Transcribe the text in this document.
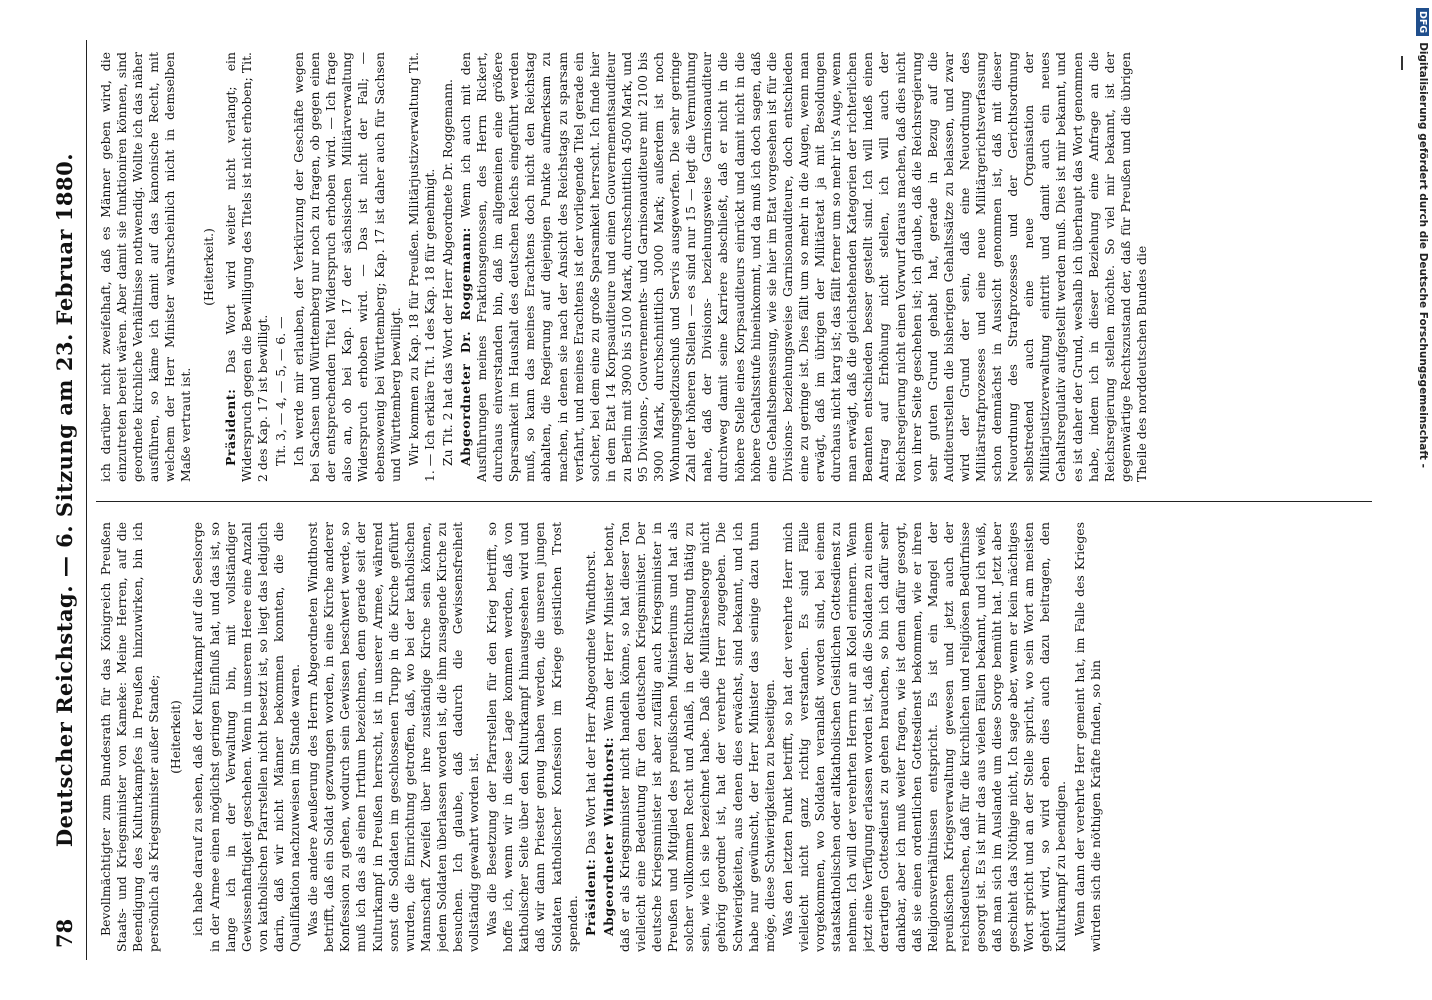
78
Deutscher Reichstag. — 6. Sitzung am 23. Februar 1880. Bevollmächtigter zum Bundesrath für das Königreich Preußen Staats- und Kriegsminister von Kameke: Meine Herren, auf die Beendigung des Kulturkampfes in Preußen hinzuwirken, bin ich persönlich als Kriegsminister außer Stande; (Heiterkeit) ich habe darauf zu sehen, daß der Kulturkampf auf die Seelsorge in der Armee einen möglichst geringen Einfluß hat, und das ist, so lange ich in der Verwaltung bin, mit vollständiger Gewissenhaftigkeit geschehen. Wenn in unserem Heere eine Anzahl von katholischen Pfarrstellen nicht besetzt ist, so liegt das lediglich darin, daß wir nicht Männer bekommen konnten, die die Qualifikation nachzuweisen im Stande waren. Was die andere Aeußerung des Herrn Abgeordneten Windthorst betrifft, daß ein Soldat gezwungen worden, in eine Kirche anderer Konfession zu gehen, wodurch sein Gewissen beschwert werde, so muß ich das als einen Irrthum bezeichnen, denn gerade seit der Kulturkampf in Preußen herrscht, ist in unserer Armee, während sonst die Soldaten im geschlossenen Trupp in die Kirche geführt wurden, die Einrichtung getroffen, daß, wo bei der katholischen Mannschaft Zweifel über ihre zuständige Kirche sein können, jedem Soldaten überlassen worden ist, die ihm zusagende Kirche zu besuchen. Ich glaube, daß dadurch die Gewissensfreiheit vollständig gewahrt worden ist. Was die Besetzung der Pfarrstellen für den Krieg betrifft, so hoffe ich, wenn wir in diese Lage kommen werden, daß von katholischer Seite über den Kulturkampf hinausgesehen wird und daß wir dann Priester genug haben werden, die unseren jungen Soldaten katholischer Konfession im Kriege geistlichen Trost spenden. Präsident: Das Wort hat der Herr Abgeordnete Windthorst. Abgeordneter Windthorst: Wenn der Herr Minister betont, daß er als Kriegsminister nicht handeln könne, so hat dieser Ton vielleicht eine Bedeutung für den deutschen Kriegsminister. Der deutsche Kriegsminister ist aber zufällig auch Kriegsminister in Preußen und Mitglied des preußischen Ministeriums und hat als solcher vollkommen Recht und Anlaß, in der Richtung thätig zu sein, wie ich sie bezeichnet habe. Daß die Militärseelsorge nicht gehörig geordnet ist, hat der verehrte Herr zugegeben. Die Schwierigkeiten, aus denen dies erwächst, sind bekannt, und ich habe nur gewünscht, der Herr Minister das seinige dazu thun möge, diese Schwierigkeiten zu beseitigen. Was den letzten Punkt betrifft, so hat der verehrte Herr mich vielleicht nicht ganz richtig verstanden. Es sind Fälle vorgekommen, wo Soldaten veranlaßt worden sind, bei einem staatskatholischen oder altkatholischen Geistlichen Gottesdienst zu nehmen. Ich will der verehrten Herrn nur an Kolel erinnern. Wenn jetzt eine Verfügung erlassen worden ist, daß die Soldaten zu einem derartigen Gottesdienst zu gehen brauchen, so bin ich dafür sehr dankbar, aber ich muß weiter fragen, wie ist denn dafür gesorgt, daß sie einen ordentlichen Gottesdienst bekommen, wie er ihren Religionsverhältnissen entspricht. Es ist ein Mangel der preußischen Kriegsverwaltung gewesen und jetzt auch der reichsdeutschen, daß für die kirchlichen und religiösen Bedürfnisse gesorgt ist. Es ist mir das aus vielen Fällen bekannt, und ich weiß, daß man sich im Auslande um diese Sorge bemüht hat. Jetzt aber geschieht das Nöthige nicht, Ich sage aber, wenn er kein mächtiges Wort spricht und an der Stelle spricht, wo sein Wort am meisten gehört wird, so wird eben dies auch dazu beitragen, den Kulturkampf zu beendigen. Wenn dann der verehrte Herr gemeint hat, im Falle des Krieges würden sich die nöthigen Kräfte finden, so bin

ich darüber nicht zweifelhaft, daß es Männer geben wird, die einzutreten bereit wären. Aber damit sie funktioniren können, sind geordnete kirchliche Verhältnisse nothwendig. Wollte ich das näher ausführen, so käme ich damit auf das kanonische Recht, mit welchem der Herr Minister wahrscheinlich nicht in demselben Maße vertraut ist.

(Heiterkeit.)

Präsident: Das Wort wird weiter nicht verlangt; ein Widerspruch gegen die Bewilligung des Titels ist nicht erhoben; Tit. 2 des Kap. 17 ist bewilligt. Tit. 3, — 4, — 5, — 6. — Ich werde mir erlauben, der Verkürzung der Geschäfte wegen bei Sachsen und Württemberg nur noch zu fragen, ob gegen einen der entsprechenden Titel Widerspruch erhoben wird. — Ich frage also an, ob bei Kap. 17 der sächsischen Militärverwaltung Widerspruch erhoben wird. — Das ist nicht der Fall; — ebensowenig bei Württemberg; Kap. 17 ist daher auch für Sachsen und Württemberg bewilligt. Wir kommen zu Kap. 18 für Preußen. Militärjustizverwaltung Tit. 1. — Ich erkläre Tit. 1 des Kap. 18 für genehmigt. Zu Tit. 2 hat das Wort der Herr Abgeordnete Dr. Roggemann. Abgeordneter Dr. Roggemann: Wenn ich auch mit den Ausführungen meines Fraktionsgenossen, des Herrn Rickert, durchaus einverstanden bin, daß im allgemeinen eine größere Sparsamkeit im Haushalt des deutschen Reichs eingeführt werden muß, so kann das meines Erachtens doch nicht den Reichstag abhalten, die Regierung auf diejenigen Punkte aufmerksam zu machen, in denen sie nach der Ansicht des Reichstags zu sparsam verfahrt, und meines Erachtens ist der vorliegende Titel gerade ein solcher, bei dem eine zu große Sparsamkeit herrscht. Ich finde hier in dem Etat 14 Korpsauditeure und einen Gouvernementsauditeur zu Berlin mit 3900 bis 5100 Mark, durchschnittlich 4500 Mark, und 95 Divisions-, Gouvernements- und Garnisonauditeure mit 2100 bis 3900 Mark, durchschnittlich 3000 Mark; außerdem ist noch Wohnungsgeldzuschuß und Servis ausgeworfen. Die sehr geringe Zahl der höheren Stellen — es sind nur 15 — legt die Vermuthung nahe, daß der Divisions- beziehungsweise Garnisonauditeur durchweg damit seine Karriere abschließt, daß er nicht in die höhere Stelle eines Korpsauditeurs einrückt und damit nicht in die höhere Gehaltsstufe hineinkommt, und da muß ich doch sagen, daß eine Gehaltsbemessung, wie sie hier im Etat vorgesehen ist für die Divisions- beziehungsweise Garnisonauditeure, doch entschieden eine zu geringe ist. Dies fällt um so mehr in die Augen, wenn man erwägt, daß im übrigen der Militäretat ja mit Besoldungen durchaus nicht karg ist; das fällt ferner um so mehr in's Auge, wenn man erwägt, daß die gleichstehenden Kategorien der richterlichen Beamten entschieden besser gestellt sind. Ich will indeß einen Antrag auf Erhöhung nicht stellen, ich will auch der Reichsregierung nicht einen Vorwurf daraus machen, daß dies nicht von ihrer Seite geschehen ist; ich glaube, daß die Reichsregierung sehr guten Grund gehabt hat, gerade in Bezug auf die Auditeurstellen die bisherigen Gehaltssätze zu belassen, und zwar wird der Grund der sein, daß eine Neuordnung des Militärstrafprozesses und eine neue Militärgerichtsverfassung schon demnächst in Aussicht genommen ist, daß mit dieser Neuordnung des Strafprozesses und der Gerichtsordnung selbstredend auch eine neue Organisation der Militärjustizverwaltung eintritt und damit auch ein neues Gehaltsregulativ aufgestellt werden muß. Dies ist mir bekannt, und es ist daher der Grund, weshalb ich überhaupt das Wort genommen habe, indem ich in dieser Beziehung eine Anfrage an die Reichsregierung stellen möchte. So viel mir bekannt, ist der gegenwärtige Rechtszustand der, daß für Preußen und die übrigen Theile des norddeutschen Bundes die

DFGDigitalisierung gefördert durch die Deutsche Forschungsgemeinschaft -
